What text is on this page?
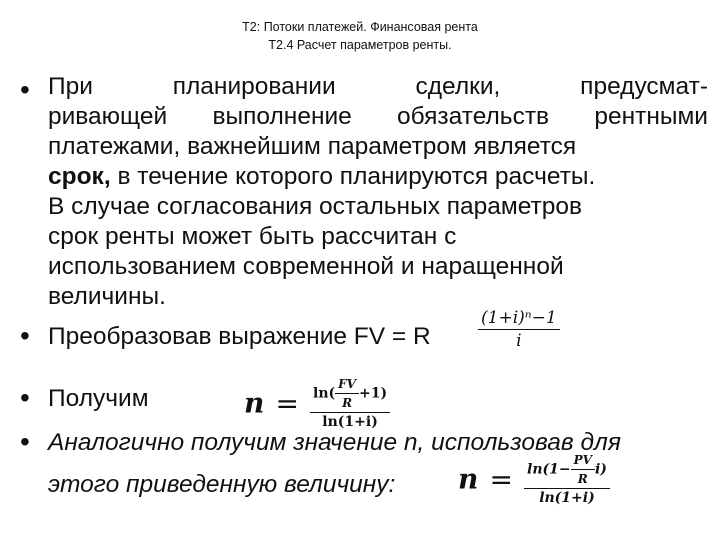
Т2: Потоки платежей. Финансовая рента
Т2.4 Расчет параметров ренты.
• При планировании сделки, предусмат-
ривающей выполнение обязательств рентными
платежами, важнейшим параметром является
срок, в течение которого планируются расчеты.
В случае согласования остальных параметров
срок ренты может быть рассчитан с
использованием современной и наращенной
величины.
• Преобразовав выражение FV = R	$\frac{\text{(1+i)ⁿ−1}}{i}$
• Получим	$n = \frac{\ln( \frac{FV}{R} +1)}{\ln(1+i)}$
• Аналогично получим значение n, использовав для
этого приведенную величину: $n = \frac{\ln(1- \frac{PV}{R} i)}{\ln(1+i)}$
